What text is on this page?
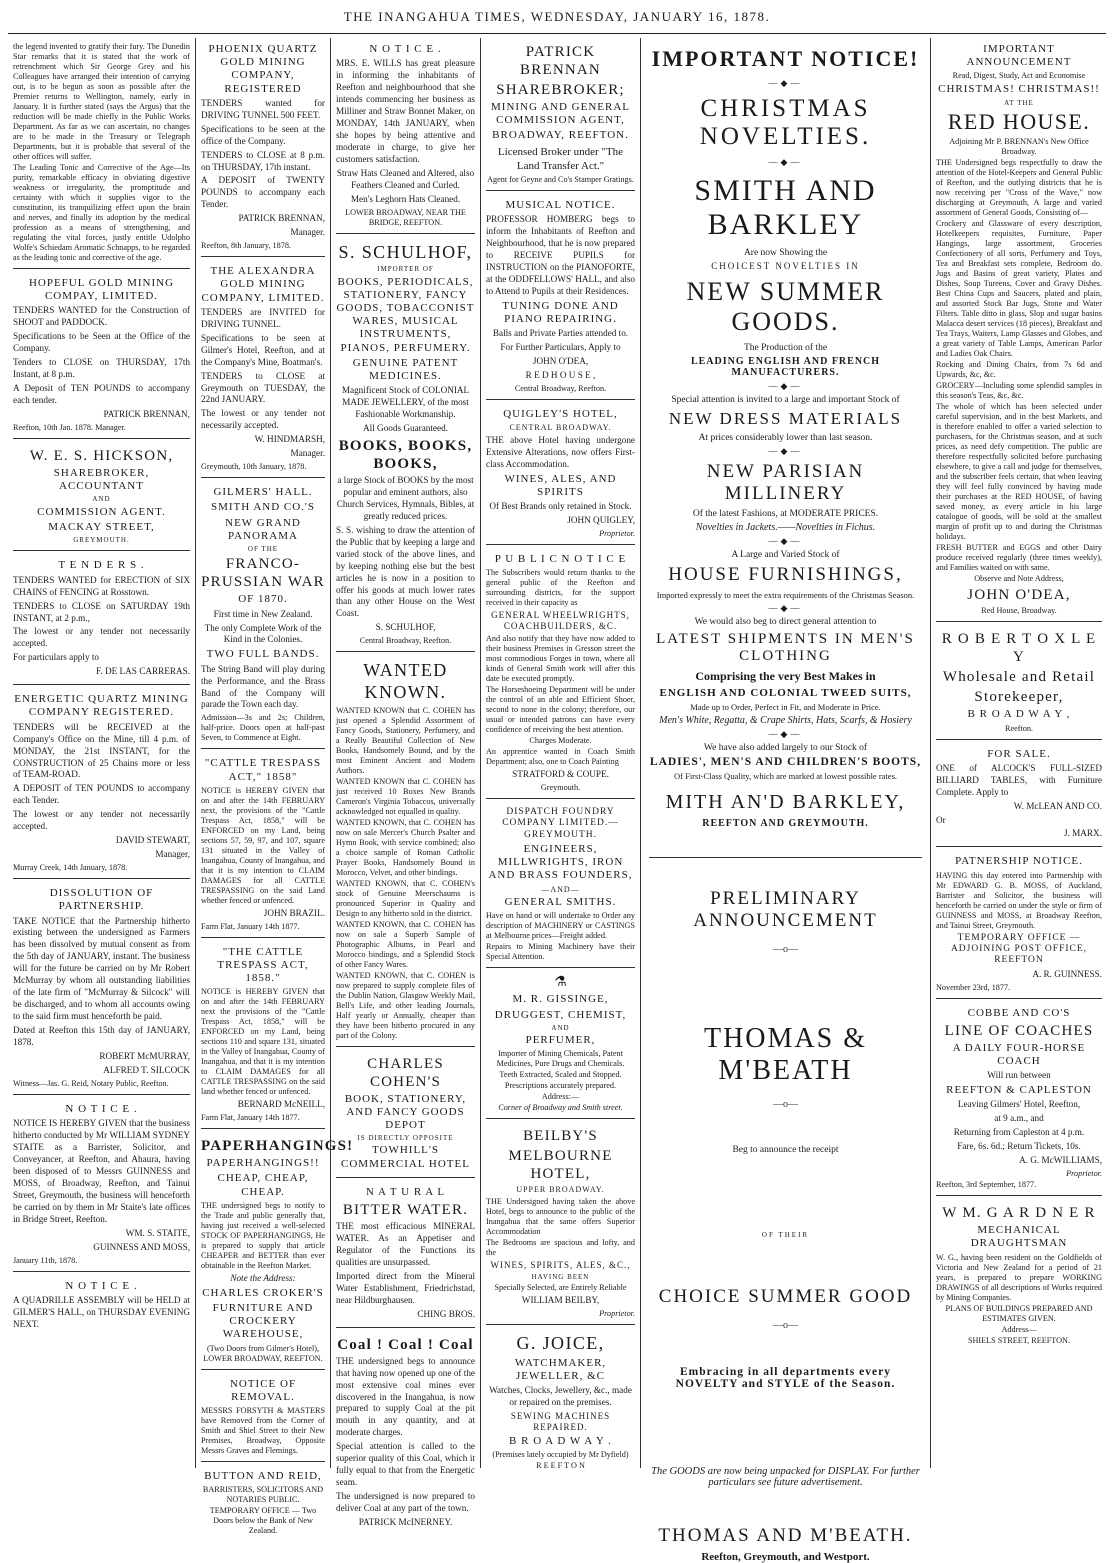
THE INANGAHUA TIMES, WEDNESDAY, JANUARY 16, 1878.

the legend invented to gratify their fury. The Dunedin Star remarks that it is stated that the work of retrenchment which Sir George Grey and his Colleagues have arranged their intention of carrying out, is to be begun as soon as possible after the Premier returns to Wellington, namely, early in January. It is further stated (says the Argus) that the reduction will be made chiefly in the Public Works Department. As far as we can ascertain, no changes are to be made in the Treasury or Telegraph Departments, but it is probable that several of the other offices will suffer.

The Leading Tonic and Corrective of the Age—Its purity, remarkable efficacy in obviating digestive weakness or irregularity, the promptitude and certainty with which it supplies vigor to the constitution, its tranquilizing effect upon the brain and nerves, and finally its adoption by the medical profession as a means of strengthening, and regulating the vital forces, justly entitle Udolpho Wolfe's Schiedam Aromatic Schnapps, to be regarded as the leading tonic and corrective of the age.

HOPEFUL GOLD MINING COMPAY, LIMITED.

TENDERS WANTED for the Construction of SHOOT and PADDOCK.

Specifications to be Seen at the Office of the Company.

Tenders to CLOSE on THURSDAY, 17th Instant, at 8 p.m.

A Deposit of TEN POUNDS to accompany each tender.

PATRICK BRENNAN,

Reefton, 10th Jan. 1878. Manager.

W. E. S. HICKSON,
SHAREBROKER, ACCOUNTANT
AND
COMMISSION AGENT.
MACKAY STREET,
GREYMOUTH.
T E N D E R S .

TENDERS WANTED for ERECTION of SIX CHAINS of FENCING at Rosstown.

TENDERS to CLOSE on SATURDAY 19th INSTANT, at 2 p.m.,

The lowest or any tender not necessarily accepted.

For particulars apply to

F. DE LAS CARRERAS.

ENERGETIC QUARTZ MINING COMPANY REGISTERED.

TENDERS will be RECEIVED at the Company's Office on the Mine, till 4 p.m. of MONDAY, the 21st INSTANT, for the CONSTRUCTION of 25 Chains more or less of TEAM-ROAD.

A DEPOSIT of TEN POUNDS to accompany each Tender.

The lowest or any tender not necessarily accepted.

DAVID STEWART,

Manager,

Murray Creek, 14th January, 1878.

DISSOLUTION OF PARTNERSHIP.

TAKE NOTICE that the Partnership hitherto existing between the undersigned as Farmers has been dissolved by mutual consent as from the 5th day of JANUARY, instant. The business will for the future be carried on by Mr Robert McMurray by whom all outstanding liabilities of the late firm of "McMurray & Silcock" will be discharged, and to whom all accounts owing to the said firm must henceforth be paid.

Dated at Reefton this 15th day of JANUARY, 1878.

ROBERT McMURRAY,

ALFRED T. SILCOCK

Witness—Jas. G. Reid, Notary Public, Reefton.

N O T I C E .

NOTICE IS HEREBY GIVEN that the business hitherto conducted by Mr WILLIAM SYDNEY STAITE as a Barrister, Solicitor, and Conveyancer, at Reefton, and Ahaura, having been disposed of to Messrs GUINNESS and MOSS, of Broadway, Reefton, and Tainui Street, Greymouth, the business will henceforth be carried on by them in Mr Staite's late offices in Bridge Street, Reefton.

WM. S. STAITE,

GUINNESS AND MOSS,

January 11th, 1878.

N O T I C E .

A QUADRILLE ASSEMBLY will be HELD at GILMER'S HALL, on THURSDAY EVENING NEXT.

PHOENIX QUARTZ GOLD MINING COMPANY, REGISTERED

TENDERS wanted for DRIVING TUNNEL 500 FEET.

Specifications to be seen at the office of the Company.

TENDERS to CLOSE at 8 p.m. on THURSDAY, 17th instant.

A DEPOSIT of TWENTY POUNDS to accompany each Tender.

PATRICK BRENNAN,

Manager.

Reefton, 8th January, 1878.

THE ALEXANDRA GOLD MINING COMPANY, LIMITED.

TENDERS are INVITED for DRIVING TUNNEL.

Specifications to be seen at Gilmer's Hotel, Reefton, and at the Company's Mine, Boatman's.

TENDERS to CLOSE at Greymouth on TUESDAY, the 22nd JANUARY.

The lowest or any tender not necessarily accepted.

W. HINDMARSH,

Manager.

Greymouth, 10th January, 1878.

GILMERS' HALL.
SMITH AND CO.'S
NEW GRAND PANORAMA
OF THE
FRANCO-PRUSSIAN WAR
OF 1870.

First time in New Zealand.

The only Complete Work of the Kind in the Colonies.

TWO FULL BANDS.

The String Band will play during the Performance, and the Brass Band of the Company will parade the Town each day.

Admission—3s and 2s; Children, half-price. Doors open at half-past Seven, to Commence at Eight.

"CATTLE TRESPASS ACT," 1858"

NOTICE is HEREBY GIVEN that on and after the 14th FEBRUARY next, the provisions of the "Cattle Trespass Act, 1858," will be ENFORCED on my Land, being sections 57, 59, 97, and 107, square 131 situated in the Valley of Inangahua, County of Inangahua, and that it is my intention to CLAIM DAMAGES for all CATTLE TRESPASSING on the said Land whether fenced or unfenced.

JOHN BRAZIL.

Farm Flat, January 14th 1877.

"THE CATTLE TRESPASS ACT, 1858."

NOTICE is HEREBY GIVEN that on and after the 14th FEBRUARY next the provisions of the "Cattle Trespass Act, 1858," will be ENFORCED on my Land, being sections 110 and square 131, situated in the Valley of Inangahua, County of Inangahua, and that it is my intention to CLAIM DAMAGES for all CATTLE TRESPASSING on the said land whether fenced or unfenced.

BERNARD McNEILL,

Farm Flat, January 14th 1877.

PAPERHANGINGS!
PAPERHANGINGS!!
CHEAP, CHEAP, CHEAP.

THE undersigned begs to notify to the Trade and public generally that, having just received a well-selected STOCK OF PAPERHANGINGS, He is prepared to supply that article CHEAPER and BETTER than ever obtainable in the Reefton Market.

Note the Address:

CHARLES CROKER'S
FURNITURE AND CROCKERY WAREHOUSE,

(Two Doors from Gilmer's Hotel), LOWER BROADWAY, REEFTON.

NOTICE OF REMOVAL.

MESSRS FORSYTH & MASTERS have Removed from the Corner of Smith and Shiel Street to their New Premises, Broadway, Opposite Messrs Graves and Flemings.

BUTTON AND REID,

BARRISTERS, SOLICITORS AND NOTARIES PUBLIC.

TEMPORARY OFFICE — Two Doors below the Bank of New Zealand.

N O T I C E .

MRS. E. WILLS has great pleasure in informing the inhabitants of Reefton and neighbourhood that she intends commencing her business as Milliner and Straw Bonnet Maker, on MONDAY, 14th JANUARY, when she hopes by being attentive and moderate in charge, to give her customers satisfaction.

Straw Hats Cleaned and Altered, also Feathers Cleaned and Curled.

Men's Leghorn Hats Cleaned.

LOWER BROADWAY, NEAR THE BRIDGE, REEFTON.

S. SCHULHOF,
IMPORTER OF
BOOKS, PERIODICALS, STATIONERY, FANCY GOODS, TOBACCONIST WARES, MUSICAL INSTRUMENTS, PIANOS, PERFUMERY.
GENUINE PATENT MEDICINES.

Magnificent Stock of COLONIAL MADE JEWELLERY, of the most Fashionable Workmanship.

All Goods Guaranteed.

BOOKS, BOOKS, BOOKS,

a large Stock of BOOKS by the most popular and eminent authors, also Church Services, Hymnals, Bibles, at greatly reduced prices.

S. S. wishing to draw the attention of the Public that by keeping a large and varied stock of the above lines, and by keeping nothing else but the best articles he is now in a position to offer his goods at much lower rates than any other House on the West Coast.

S. SCHULHOF,

Central Broadway, Reefton.

WANTED KNOWN.

WANTED KNOWN that C. COHEN has just opened a Splendid Assortment of Fancy Goods, Stationery, Perfumery, and a Really Beautiful Collection of New Books, Handsomely Bound, and by the most Eminent Ancient and Modern Authors.

WANTED KNOWN that C. COHEN has just received 10 Boxes New Brands Cameron's Virginia Tobaccos, universally acknowledged not equalled in quality.

WANTED KNOWN, that C. COHEN has now on sale Mercer's Church Psalter and Hymn Book, with service combined; also a choice sample of Roman Catholic Prayer Books, Handsomely Bound in Morocco, Velvet, and other bindings.

WANTED KNOWN, that C. COHEN's stock of Genuine Meerschaums is pronounced Superior in Quality and Design to any hitherto sold in the district.

WANTED KNOWN, that C. COHEN has now on sale a Superb Sample of Photographic Albums, in Pearl and Morocco bindings, and a Splendid Stock of other Fancy Wares.

WANTED KNOWN, that C. COHEN is now prepared to supply complete files of the Dublin Nation, Glasgow Weekly Mail, Bell's Life, and other leading Journals, Half yearly or Annually, cheaper than they have been hitherto procured in any part of the Colony.

CHARLES COHEN'S
BOOK, STATIONERY, AND FANCY GOODS DEPOT
IS DIRECTLY OPPOSITE
TOWHILL'S COMMERCIAL HOTEL
N A T U R A L
BITTER WATER.

THE most efficacious MINERAL WATER. As an Appetiser and Regulator of the Functions its qualities are unsurpassed.

Imported direct from the Mineral Water Establishment, Friedrichstad, near Hildburghausen.

CHING BROS.

Coal ! Coal ! Coal

THE undersigned begs to announce that having now opened up one of the most extensive coal mines ever discovered in the Inangahua, is now prepared to supply Coal at the pit mouth in any quantity, and at moderate charges.

Special attention is called to the superior quality of this Coal, which it fully equal to that from the Energetic seam.

The undersigned is now prepared to deliver Coal at any part of the town.

PATRICK McINERNEY.

PATRICK BRENNAN
SHAREBROKER;
MINING AND GENERAL COMMISSION AGENT,
BROADWAY, REEFTON.

Licensed Broker under "The Land Transfer Act."

Agent for Geyne and Co's Stamper Gratings.

MUSICAL NOTICE.

PROFESSOR HOMBERG begs to inform the Inhabitants of Reefton and Neighbourhood, that he is now prepared to RECEIVE PUPILS for INSTRUCTION on the PIANOFORTE, at the ODDFELLOWS' HALL, and also to Attend to Pupils at their Residences.

TUNING DONE AND PIANO REPAIRING.

Balls and Private Parties attended to.

For Further Particulars, Apply to

JOHN O'DEA,

R E D H O U S E ,

Central Broadway, Reefton.

QUIGLEY'S HOTEL,
CENTRAL BROADWAY.

THE above Hotel having undergone Extensive Alterations, now offers First-class Accommodation.

WINES, ALES, AND SPIRITS

Of Best Brands only retained in Stock.

JOHN QUIGLEY,

Proprietor.

P U B L I C N O T I C E

The Subscribers would return thanks to the general public of the Reefton and surrounding districts, for the support received in their capacity as

GENERAL WHEELWRIGHTS, COACHBUILDERS, &C.

And also notify that they have now added to their business Premises in Gresson street the most commodious Forges in town, where all kinds of General Smith work will after this date be executed promptly.

The Horseshoeing Department will be under the control of an able and Efficient Shoer, second to none in the colony; therefore, our usual or intended patrons can have every confidence of receiving the best attention.

Charges Moderate.

An apprentice wanted in Coach Smith Department; also, one to Coach Painting

STRATFORD & COUPE.

Greymouth.

DISPATCH FOUNDRY COMPANY LIMITED.—GREYMOUTH.
ENGINEERS, MILLWRIGHTS, IRON AND BRASS FOUNDERS,
—AND—
GENERAL SMITHS.

Have on hand or will undertake to Order any description of MACHINERY or CASTINGS at Melbourne prices—Freight added.

Repairs to Mining Machinery have their Special Attention.

⚗
M. R. GISSINGE,
DRUGGEST, CHEMIST,
AND
PERFUMER,

Importer of Mining Chemicals, Patent Medicines, Pure Drugs and Chemicals.

Teeth Extracted, Scaled and Stopped.

Prescriptions accurately prepared.

Address:—

Corner of Broadway and Smith street.

BEILBY'S
MELBOURNE HOTEL,
UPPER BROADWAY.

THE Undersigned having taken the above Hotel, begs to announce to the public of the Inangahua that the same offers Superior Accommodation

The Bedrooms are spacious and lofty, and the

WINES, SPIRITS, ALES, &C.,
HAVING BEEN

Specially Selected, are Entirely Reliable

WILLIAM BEILBY,

Proprietor.

G. JOICE,
WATCHMAKER, JEWELLER, &C

Watches, Clocks, Jewellery, &c., made or repaired on the premises.

SEWING MACHINES REPAIRED.
B R O A D W A Y .

(Premises lately occupied by Mr Dyfield)

R E E F T O N

IMPORTANT NOTICE!
—◆—
CHRISTMAS NOVELTIES.
—◆—
SMITH AND BARKLEY
Are now Showing the
CHOICEST NOVELTIES IN
NEW SUMMER GOODS.
The Production of the
LEADING ENGLISH AND FRENCH MANUFACTURERS.
—◆—
Special attention is invited to a large and important Stock of
NEW DRESS MATERIALS
At prices considerably lower than last season.
—◆—
NEW PARISIAN MILLINERY
Of the latest Fashions, at MODERATE PRICES.
Novelties in Jackets.——Novelties in Fichus.
—◆—
A Large and Varied Stock of
HOUSE FURNISHINGS,
Imported expressly to meet the extra requirements of the Christmas Season.
—◆—
We would also beg to direct general attention to
LATEST SHIPMENTS IN MEN'S CLOTHING
Comprising the very Best Makes in
ENGLISH AND COLONIAL TWEED SUITS,
Made up to Order, Perfect in Fit, and Moderate in Price.
Men's White, Regatta, & Crape Shirts, Hats, Scarfs, & Hosiery
—◆—
We have also added largely to our Stock of
LADIES', MEN'S AND CHILDREN'S BOOTS,
Of First-Class Quality, which are marked at lowest possible rates.
MITH AN'D BARKLEY,
REEFTON AND GREYMOUTH.
PRELIMINARY ANNOUNCEMENT
—o—
THOMAS & M'BEATH
—o—
Beg to announce the receipt
OF THEIR
CHOICE SUMMER GOOD
—o—
Embracing in all departments every NOVELTY and STYLE of the Season.
The GOODS are now being unpacked for DISPLAY. For further particulars see future advertisement.
THOMAS AND M'BEATH.
Reefton, Greymouth, and Westport.
IMPORTANT ANNOUNCEMENT

Read, Digest, Study, Act and Economise

CHRISTMAS! CHRISTMAS!!
AT THE
RED HOUSE.

Adjoining Mr P. BRENNAN's New Office Broadway.

THE Undersigned begs respectfully to draw the attention of the Hotel-Keepers and General Public of Reefton, and the outlying districts that he is now receiving per "Cross of the Wave," now discharging at Greymouth, A large and varied assortment of General Goods, Consisting of—

Crockery and Glassware of every description, Hotelkeepers requisites, Furniture, Paper Hangings, large assortment, Groceries Confectionery of all sorts, Perfumery and Toys, Tea and Breakfast sets complete, Bedroom do. Jugs and Basins of great variety, Plates and Dishes, Soup Tureens, Cover and Gravy Dishes. Best China Cups and Saucers, plated and plain, and assorted Stock Bar Jugs, Stone and Water Filters. Table ditto in glass, Slop and sugar basins Malacca desert services (18 pieces), Breakfast and Tea Trays, Waiters, Lamp Glasses and Globes, and a great variety of Table Lamps, American Parlor and Ladies Oak Chairs.

Rocking and Dining Chairs, from 7s 6d and Upwards, &c, &c.

GROCERY—Including some splendid samples in this season's Teas, &c, &c.

The whole of which has been selected under careful supervision, and in the best Markets, and is therefore enabled to offer a varied selection to purchasers, for the Christmas season, and at such prices, as need defy competition. The public are therefore respectfully solicited before purchasing elsewhere, to give a call and judge for themselves, and the subscriber feels certain, that when leaving they will feel fully convinced by having made their purchases at the RED HOUSE, of having saved money, as every article in his large catalogue of goods, will be sold at the smallest margin of profit up to and during the Christmas holidays.

FRESH BUTTER and EGGS and other Dairy produce received regularly (three times weekly), and Families waited on with same.

Observe and Note Address,

JOHN O'DEA,

Red House, Broadway.

R O B E R T O X L E Y
Wholesale and Retail
Storekeeper,
B R O A D W A Y ,

Reefton.

FOR SALE.

ONE of ALCOCK'S FULL-SIZED BILLIARD TABLES, with Furniture Complete. Apply to

W. McLEAN AND CO.

Or

J. MARX.

PATNERSHIP NOTICE.

HAVING this day entered into Partnership with Mr EDWARD G. B. MOSS, of Auckland, Barrister and Solicitor, the business will henceforth be carried on under the style or firm of GUINNESS and MOSS, at Broadway Reefton, and Tainui Street, Greymouth.

TEMPORARY OFFICE — ADJOINING POST OFFICE, REEFTON

A. R. GUINNESS.

November 23rd, 1877.

COBBE AND CO'S
LINE OF COACHES
A DAILY FOUR-HORSE COACH

Will run between

REEFTON & CAPLESTON

Leaving Gilmers' Hotel, Reefton,

at 9 a.m., and

Returning from Capleston at 4 p.m.

Fare, 6s. 6d.; Return Tickets, 10s.

A. G. McWILLIAMS,

Proprietor.

Reefton, 3rd September, 1877.

W M. G A R D N E R
MECHANICAL DRAUGHTSMAN

W. G., having been resident on the Goldfields of Victoria and New Zealand for a period of 21 years, is prepared to prepare WORKING DRAWINGS of all descriptions of Works required by Mining Companies.

PLANS OF BUILDINGS PREPARED AND ESTIMATES GIVEN.

Address—

SHIELS STREET, REEFTON.
